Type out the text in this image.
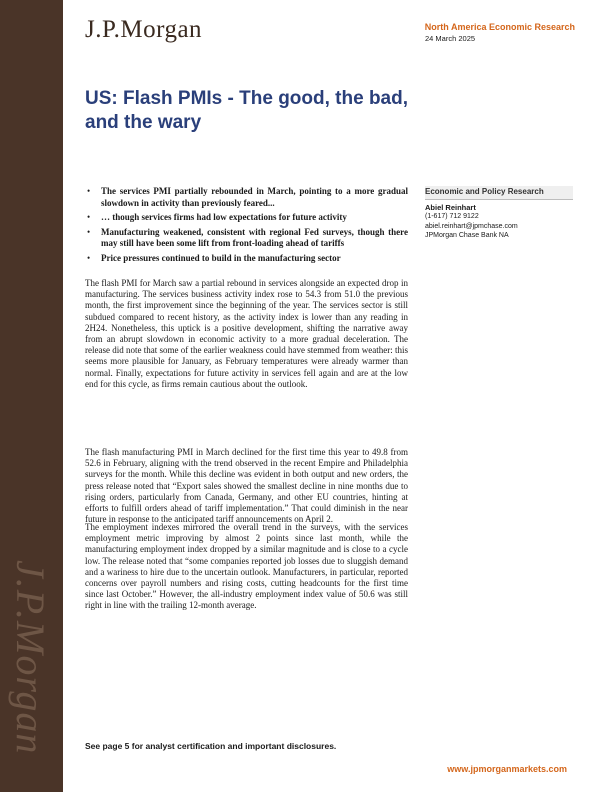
J.P.Morgan
J.P.Morgan	North America Economic Research
24 March 2025
US: Flash PMIs - The good, the bad, and the wary
• The services PMI partially rebounded in March, pointing to a more gradual slowdown in activity than previously feared...
• … though services firms had low expectations for future activity
• Manufacturing weakened, consistent with regional Fed surveys, though there may still have been some lift from front-loading ahead of tariffs
• Price pressures continued to build in the manufacturing sector

The flash PMI for March saw a partial rebound in services alongside an expected drop in manufacturing. The services business activity index rose to 54.3 from 51.0 the previous month, the first improvement since the beginning of the year. The services sector is still subdued compared to recent history, as the activity index is lower than any reading in 2H24. Nonetheless, this uptick is a positive development, shifting the narrative away from an abrupt slowdown in economic activity to a more gradual deceleration. The release did note that some of the earlier weakness could have stemmed from weather: this seems more plausible for January, as February temperatures were already warmer than normal. Finally, expectations for future activity in services fell again and are at the low end for this cycle, as firms remain cautious about the outlook.

The flash manufacturing PMI in March declined for the first time this year to 49.8 from 52.6 in February, aligning with the trend observed in the recent Empire and Philadelphia surveys for the month. While this decline was evident in both output and new orders, the press release noted that “Export sales showed the smallest decline in nine months due to rising orders, particularly from Canada, Germany, and other EU countries, hinting at efforts to fulfill orders ahead of tariff implementation.” That could diminish in the near future in response to the anticipated tariff announcements on April 2.

The employment indexes mirrored the overall trend in the surveys, with the services employment metric improving by almost 2 points since last month, while the manufacturing employment index dropped by a similar magnitude and is close to a cycle low. The release noted that “some companies reported job losses due to sluggish demand and a wariness to hire due to the uncertain outlook. Manufacturers, in particular, reported concerns over payroll numbers and rising costs, cutting headcounts for the first time since last October.” However, the all-industry employment index value of 50.6 was still right in line with the trailing 12-month average.

Economic and Policy Research
Abiel Reinhart
(1-617) 712 9122
abiel.reinhart@jpmchase.com
JPMorgan Chase Bank NA
See page 5 for analyst certification and important disclosures.
www.jpmorganmarkets.com
